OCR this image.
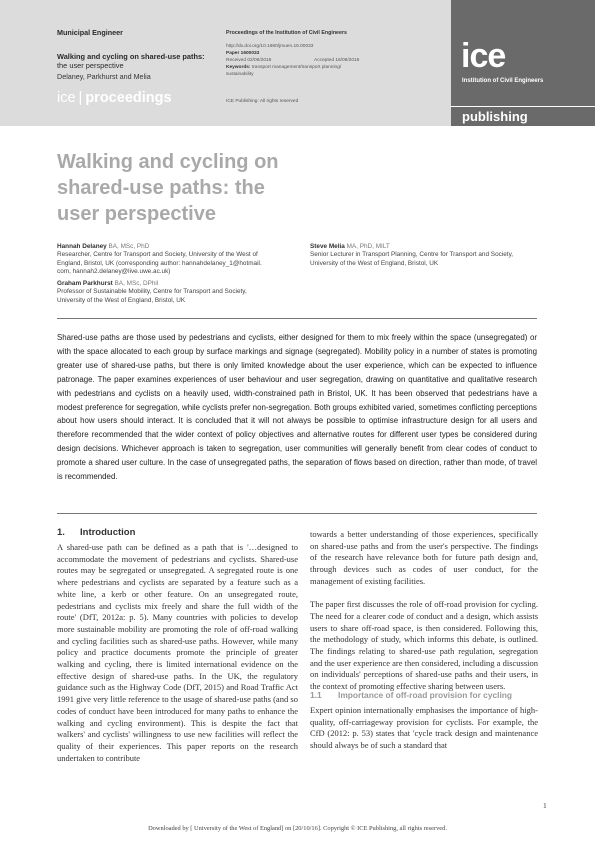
Municipal Engineer
Walking and cycling on shared-use paths:
the user perspective
Delaney, Parkhurst and Melia
ice | proceedings
Proceedings of the Institution of Civil Engineers
http://dx.doi.org/10.1680/jmuen.16.00033
Paper 1600033
Received 02/06/2016	Accepted 16/08/2016
Keywords: transport management/transport planning/
sustainability
ICE Publishing: All rights reserved
ice
Institution of Civil Engineers
publishing
Walking and cycling on
shared-use paths: the
user perspective
Hannah Delaney BA, MSc, PhD
Researcher, Centre for Transport and Society, University of the West of
England, Bristol, UK (corresponding author: hannahdelaney_1@hotmail.
com, hannah2.delaney@live.uwe.ac.uk)
Graham Parkhurst BA, MSc, DPhil
Professor of Sustainable Mobility, Centre for Transport and Society,
University of the West of England, Bristol, UK
Steve Melia MA, PhD, MILT
Senior Lecturer in Transport Planning, Centre for Transport and Society,
University of the West of England, Bristol, UK

Shared-use paths are those used by pedestrians and cyclists, either designed for them to mix freely within the space (unsegregated) or with the space allocated to each group by surface markings and signage (segregated). Mobility policy in a number of states is promoting greater use of shared-use paths, but there is only limited knowledge about the user experience, which can be expected to influence patronage. The paper examines experiences of user behaviour and user segregation, drawing on quantitative and qualitative research with pedestrians and cyclists on a heavily used, width-constrained path in Bristol, UK. It has been observed that pedestrians have a modest preference for segregation, while cyclists prefer non-segregation. Both groups exhibited varied, sometimes conflicting perceptions about how users should interact. It is concluded that it will not always be possible to optimise infrastructure design for all users and therefore recommended that the wider context of policy objectives and alternative routes for different user types be considered during design decisions. Whichever approach is taken to segregation, user communities will generally benefit from clear codes of conduct to promote a shared user culture. In the case of unsegregated paths, the separation of flows based on direction, rather than mode, of travel is recommended.

1. Introduction

A shared-use path can be defined as a path that is '…designed to accommodate the movement of pedestrians and cyclists. Shared-use routes may be segregated or unsegregated. A segregated route is one where pedestrians and cyclists are separated by a feature such as a white line, a kerb or other feature. On an unsegregated route, pedestrians and cyclists mix freely and share the full width of the route' (DfT, 2012a: p. 5). Many countries with policies to develop more sustainable mobility are promoting the role of off-road walking and cycling facilities such as shared-use paths. However, while many policy and practice documents promote the principle of greater walking and cycling, there is limited international evidence on the effective design of shared-use paths. In the UK, the regulatory guidance such as the Highway Code (DfT, 2015) and Road Traffic Act 1991 give very little reference to the usage of shared-use paths (and so codes of conduct have been introduced for many paths to enhance the walking and cycling environment). This is despite the fact that walkers' and cyclists' willingness to use new facilities will reflect the quality of their experiences. This paper reports on the research undertaken to contribute

towards a better understanding of those experiences, specifically on shared-use paths and from the user's perspective. The findings of the research have relevance both for future path design and, through devices such as codes of user conduct, for the management of existing facilities.

The paper first discusses the role of off-road provision for cycling. The need for a clearer code of conduct and a design, which assists users to share off-road space, is then considered. Following this, the methodology of study, which informs this debate, is outlined. The findings relating to shared-use path regulation, segregation and the user experience are then considered, including a discussion on individuals' perceptions of shared-use paths and their users, in the context of promoting effective sharing between users.

1.1 Importance of off-road provision for cycling

Expert opinion internationally emphasises the importance of high-quality, off-carriageway provision for cyclists. For example, the CfD (2012: p. 53) states that 'cycle track design and maintenance should always be of such a standard that

1
Downloaded by [ University of the West of England] on [20/10/16]. Copyright © ICE Publishing, all rights reserved.
